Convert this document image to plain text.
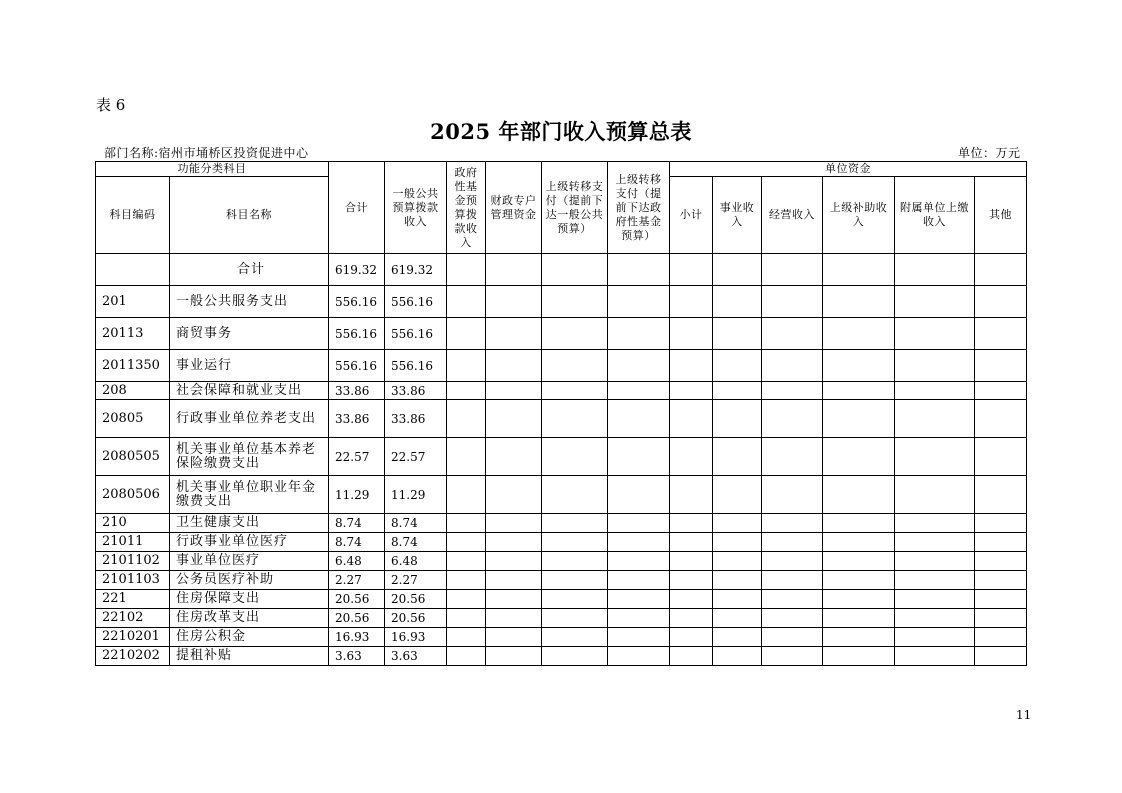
表 6
2025 年部门收入预算总表
部门名称:宿州市埇桥区投资促进中心	单位：万元
功能分类科目		合计	一般公共预算拨款收入	政府性基金预算拨款收入	财政专户管理资金	上级转移支付（提前下达一般公共预算）	上级转移支付（提前下达政府性基金预算）	单位资金					
科目编码	科目名称							小计	事业收入	经营收入	上级补助收入	附属单位上缴收入	其他
	合计	619.32	619.32										
201	一般公共服务支出	556.16	556.16										
20113	商贸事务	556.16	556.16										
2011350	事业运行	556.16	556.16										
208	社会保障和就业支出	33.86	33.86										
20805	行政事业单位养老支出	33.86	33.86										
2080505	机关事业单位基本养老保险缴费支出	22.57	22.57										
2080506	机关事业单位职业年金缴费支出	11.29	11.29										
210	卫生健康支出	8.74	8.74										
21011	行政事业单位医疗	8.74	8.74										
2101102	事业单位医疗	6.48	6.48										
2101103	公务员医疗补助	2.27	2.27										
221	住房保障支出	20.56	20.56										
22102	住房改革支出	20.56	20.56										
2210201	住房公积金	16.93	16.93										
2210202	提租补贴	3.63	3.63										
11
